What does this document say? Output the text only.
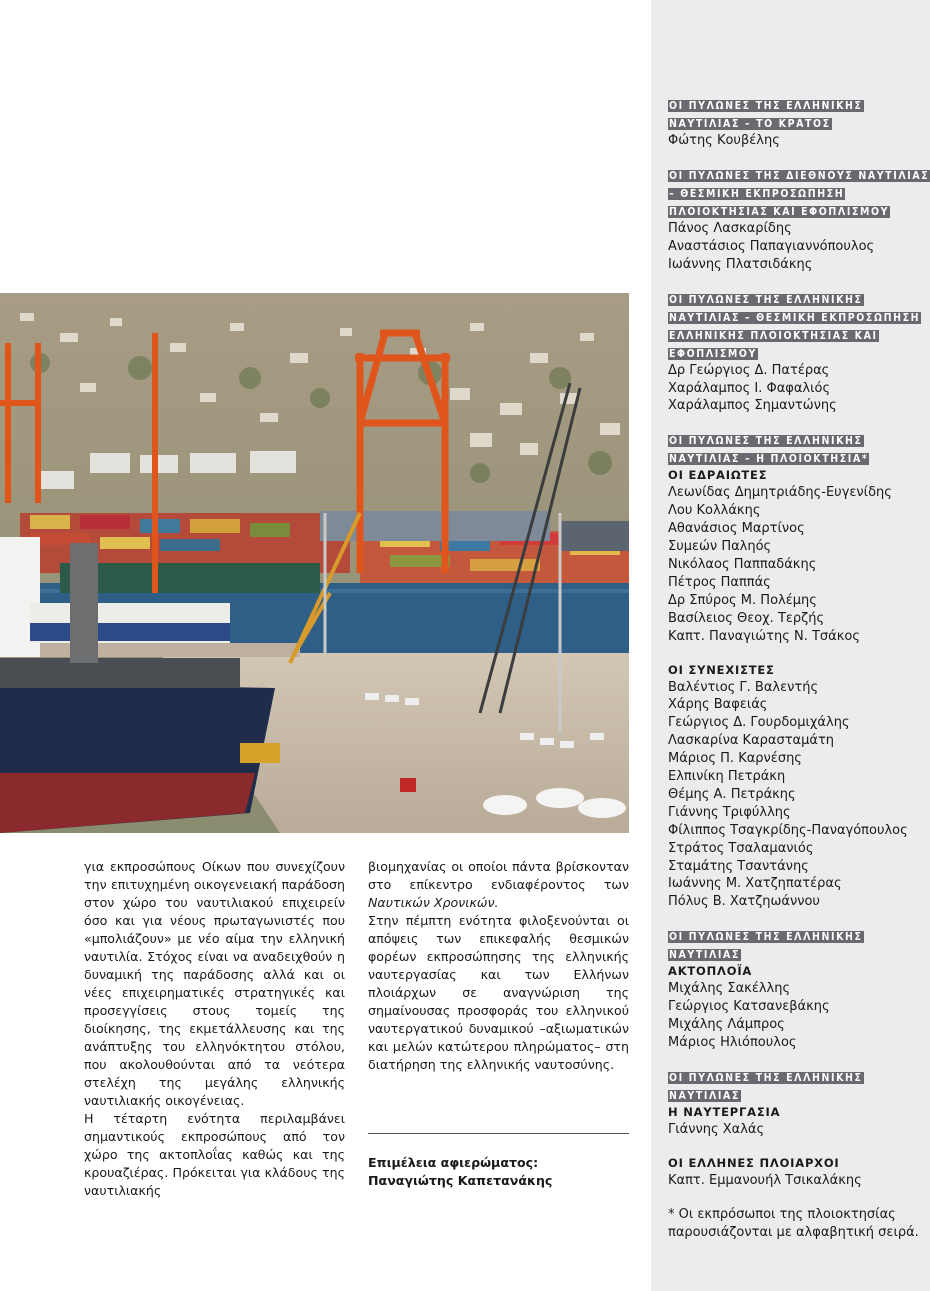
για εκπροσώπους Οίκων που συνεχίζουν την επιτυχημένη οικογενειακή παράδοση στον χώρο του ναυτιλιακού επιχειρείν όσο και για νέους πρωταγωνιστές που «μπολιάζουν» με νέο αίμα την ελληνική ναυτιλία. Στόχος είναι να αναδειχθούν η δυναμική της παράδοσης αλλά και οι νέες επιχειρηματικές στρατηγικές και προσεγγίσεις στους τομείς της διοίκησης, της εκμετάλλευσης και της ανάπτυξης του ελληνόκτητου στόλου, που ακολουθούνται από τα νεότερα στελέχη της μεγάλης ελληνικής ναυτιλιακής οικογένειας.

Η τέταρτη ενότητα περιλαμβάνει σημαντικούς εκπροσώπους από τον χώρο της ακτοπλοΐας καθώς και της κρουαζιέρας. Πρόκειται για κλάδους της ναυτιλιακής

βιομηχανίας οι οποίοι πάντα βρίσκονταν στο επίκεντρο ενδιαφέροντος των Ναυτικών Χρονικών.

Στην πέμπτη ενότητα φιλοξενούνται οι απόψεις των επικεφαλής θεσμικών φορέων εκπροσώπησης της ελληνικής ναυτεργασίας και των Ελλήνων πλοιάρχων σε αναγνώριση της σημαίνουσας προσφοράς του ελληνικού ναυτεργατικού δυναμικού –αξιωματικών και μελών κατώτερου πληρώματος– στη διατήρηση της ελληνικής ναυτοσύνης.

Επιμέλεια αφιερώματος:
Παναγιώτης Καπετανάκης
ΟΙ ΠΥΛΩΝΕΣ ΤΗΣ ΕΛΛΗΝΙΚΗΣ ΝΑΥΤΙΛΙΑΣ – ΤΟ ΚΡΑΤΟΣ
Φώτης Κουβέλης
ΟΙ ΠΥΛΩΝΕΣ ΤΗΣ ΔΙΕΘΝΟΥΣ ΝΑΥΤΙΛΙΑΣ – ΘΕΣΜΙΚΗ ΕΚΠΡΟΣΩΠΗΣΗ ΠΛΟΙΟΚΤΗΣΙΑΣ ΚΑΙ ΕΦΟΠΛΙΣΜΟΥ
Πάνος Λασκαρίδης
Αναστάσιος Παπαγιαννόπουλος
Ιωάννης Πλατσιδάκης
ΟΙ ΠΥΛΩΝΕΣ ΤΗΣ ΕΛΛΗΝΙΚΗΣ ΝΑΥΤΙΛΙΑΣ – ΘΕΣΜΙΚΗ ΕΚΠΡΟΣΩΠΗΣΗ ΕΛΛΗΝΙΚΗΣ ΠΛΟΙΟΚΤΗΣΙΑΣ ΚΑΙ ΕΦΟΠΛΙΣΜΟΥ
Δρ Γεώργιος Δ. Πατέρας
Χαράλαμπος Ι. Φαφαλιός
Χαράλαμπος Σημαντώνης
ΟΙ ΠΥΛΩΝΕΣ ΤΗΣ ΕΛΛΗΝΙΚΗΣ ΝΑΥΤΙΛΙΑΣ – Η ΠΛΟΙΟΚΤΗΣΙΑ*
ΟΙ ΕΔΡΑΙΩΤΕΣ
Λεωνίδας Δημητριάδης-Ευγενίδης
Λου Κολλάκης
Αθανάσιος Μαρτίνος
Συμεών Παληός
Νικόλαος Παππαδάκης
Πέτρος Παππάς
Δρ Σπύρος Μ. Πολέμης
Βασίλειος Θεοχ. Τερζής
Καπτ. Παναγιώτης Ν. Τσάκος
ΟΙ ΣΥΝΕΧΙΣΤΕΣ
Βαλέντιος Γ. Βαλεντής
Χάρης Βαφειάς
Γεώργιος Δ. Γουρδομιχάλης
Λασκαρίνα Καρασταμάτη
Μάριος Π. Καρνέσης
Ελπινίκη Πετράκη
Θέμης Α. Πετράκης
Γιάννης Τριφύλλης
Φίλιππος Τσαγκρίδης-Παναγόπουλος
Στράτος Τσαλαμανιός
Σταμάτης Τσαντάνης
Ιωάννης Μ. Χατζηπατέρας
Πόλυς Β. Χατζηωάννου
ΟΙ ΠΥΛΩΝΕΣ ΤΗΣ ΕΛΛΗΝΙΚΗΣ ΝΑΥΤΙΛΙΑΣ
ΑΚΤΟΠΛΟΪΑ
Μιχάλης Σακέλλης
Γεώργιος Κατσανεβάκης
Μιχάλης Λάμπρος
Μάριος Ηλιόπουλος
ΟΙ ΠΥΛΩΝΕΣ ΤΗΣ ΕΛΛΗΝΙΚΗΣ ΝΑΥΤΙΛΙΑΣ
Η ΝΑΥΤΕΡΓΑΣΙΑ
Γιάννης Χαλάς
ΟΙ ΕΛΛΗΝΕΣ ΠΛΟΙΑΡΧΟΙ
Καπτ. Εμμανουήλ Τσικαλάκης
* Οι εκπρόσωποι της πλοιοκτησίας παρουσιάζονται με αλφαβητική σειρά.
